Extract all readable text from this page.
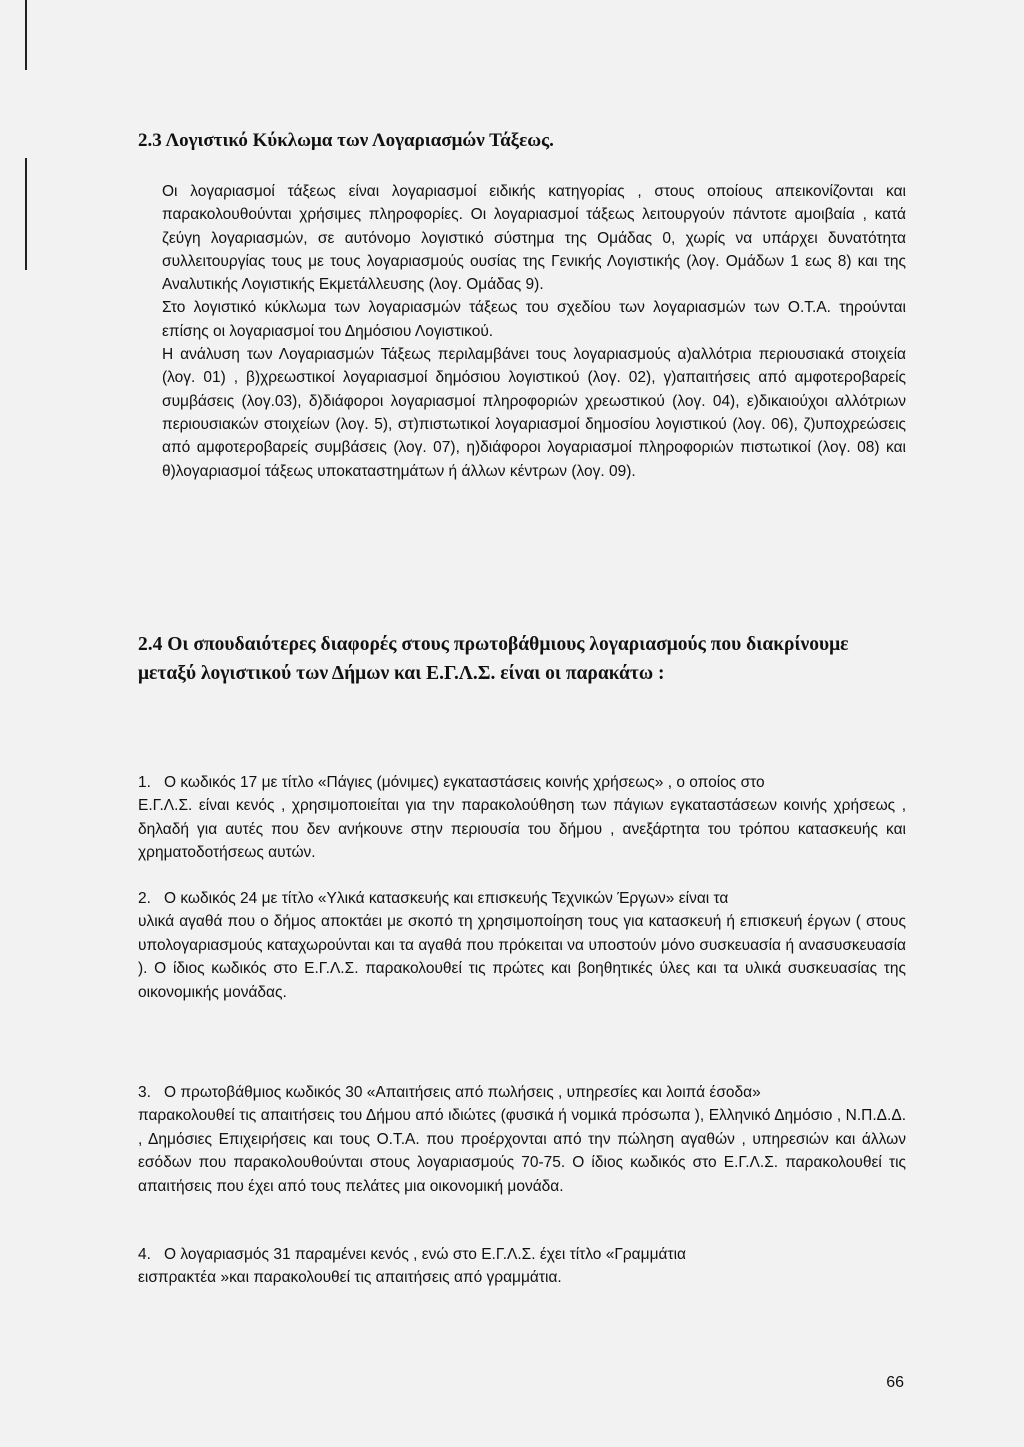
2.3 Λογιστικό Κύκλωμα των Λογαριασμών Τάξεως.
Οι λογαριασμοί τάξεως είναι λογαριασμοί ειδικής κατηγορίας , στους οποίους απεικονίζονται και παρακολουθούνται χρήσιμες πληροφορίες. Οι λογαριασμοί τάξεως λειτουργούν πάντοτε αμοιβαία , κατά ζεύγη λογαριασμών, σε αυτόνομο λογιστικό σύστημα της Ομάδας 0, χωρίς να υπάρχει δυνατότητα συλλειτουργίας τους με τους λογαριασμούς ουσίας της Γενικής Λογιστικής (λογ. Ομάδων 1 εως 8) και της Αναλυτικής Λογιστικής Εκμετάλλευσης (λογ. Ομάδας 9).
Στο λογιστικό κύκλωμα των λογαριασμών τάξεως του σχεδίου των λογαριασμών των Ο.Τ.Α. τηρούνται επίσης οι λογαριασμοί του Δημόσιου Λογιστικού.
Η ανάλυση των Λογαριασμών Τάξεως περιλαμβάνει τους λογαριασμούς α)αλλότρια περιουσιακά στοιχεία (λογ. 01) , β)χρεωστικοί λογαριασμοί δημόσιου λογιστικού (λογ. 02), γ)απαιτήσεις από αμφοτεροβαρείς συμβάσεις (λογ.03), δ)διάφοροι λογαριασμοί πληροφοριών χρεωστικού (λογ. 04), ε)δικαιούχοι αλλότριων περιουσιακών στοιχείων (λογ. 5), στ)πιστωτικοί λογαριασμοί δημοσίου λογιστικού (λογ. 06), ζ)υποχρεώσεις από αμφοτεροβαρείς συμβάσεις (λογ. 07), η)διάφοροι λογαριασμοί πληροφοριών πιστωτικοί (λογ. 08) και θ)λογαριασμοί τάξεως υποκαταστημάτων ή άλλων κέντρων (λογ. 09).
2.4 Οι σπουδαιότερες διαφορές στους πρωτοβάθμιους λογαριασμούς που διακρίνουμε μεταξύ λογιστικού των Δήμων και Ε.Γ.Λ.Σ. είναι οι παρακάτω :
1. Ο κωδικός 17 με τίτλο «Πάγιες (μόνιμες) εγκαταστάσεις κοινής χρήσεως» , ο οποίος στο
Ε.Γ.Λ.Σ. είναι κενός , χρησιμοποιείται για την παρακολούθηση των πάγιων εγκαταστάσεων κοινής χρήσεως , δηλαδή για αυτές που δεν ανήκουνε στην περιουσία του δήμου , ανεξάρτητα του τρόπου κατασκευής και χρηματοδοτήσεως αυτών.
2. Ο κωδικός 24 με τίτλο «Υλικά κατασκευής και επισκευής Τεχνικών Έργων» είναι τα
υλικά αγαθά που ο δήμος αποκτάει με σκοπό τη χρησιμοποίηση τους για κατασκευή ή επισκευή έργων ( στους υπολογαριασμούς καταχωρούνται και τα αγαθά που πρόκειται να υποστούν μόνο συσκευασία ή ανασυσκευασία ). Ο ίδιος κωδικός στο Ε.Γ.Λ.Σ. παρακολουθεί τις πρώτες και βοηθητικές ύλες και τα υλικά συσκευασίας της οικονομικής μονάδας.
3. Ο πρωτοβάθμιος κωδικός 30 «Απαιτήσεις από πωλήσεις , υπηρεσίες και λοιπά έσοδα»
παρακολουθεί τις απαιτήσεις του Δήμου από ιδιώτες (φυσικά ή νομικά πρόσωπα ), Ελληνικό Δημόσιο , Ν.Π.Δ.Δ. , Δημόσιες Επιχειρήσεις και τους Ο.Τ.Α. που προέρχονται από την πώληση αγαθών , υπηρεσιών και άλλων εσόδων που παρακολουθούνται στους λογαριασμούς 70-75. Ο ίδιος κωδικός στο Ε.Γ.Λ.Σ. παρακολουθεί τις απαιτήσεις που έχει από τους πελάτες μια οικονομική μονάδα.
4. Ο λογαριασμός 31 παραμένει κενός , ενώ στο Ε.Γ.Λ.Σ. έχει τίτλο «Γραμμάτια
εισπρακτέα »και παρακολουθεί τις απαιτήσεις από γραμμάτια.
66
